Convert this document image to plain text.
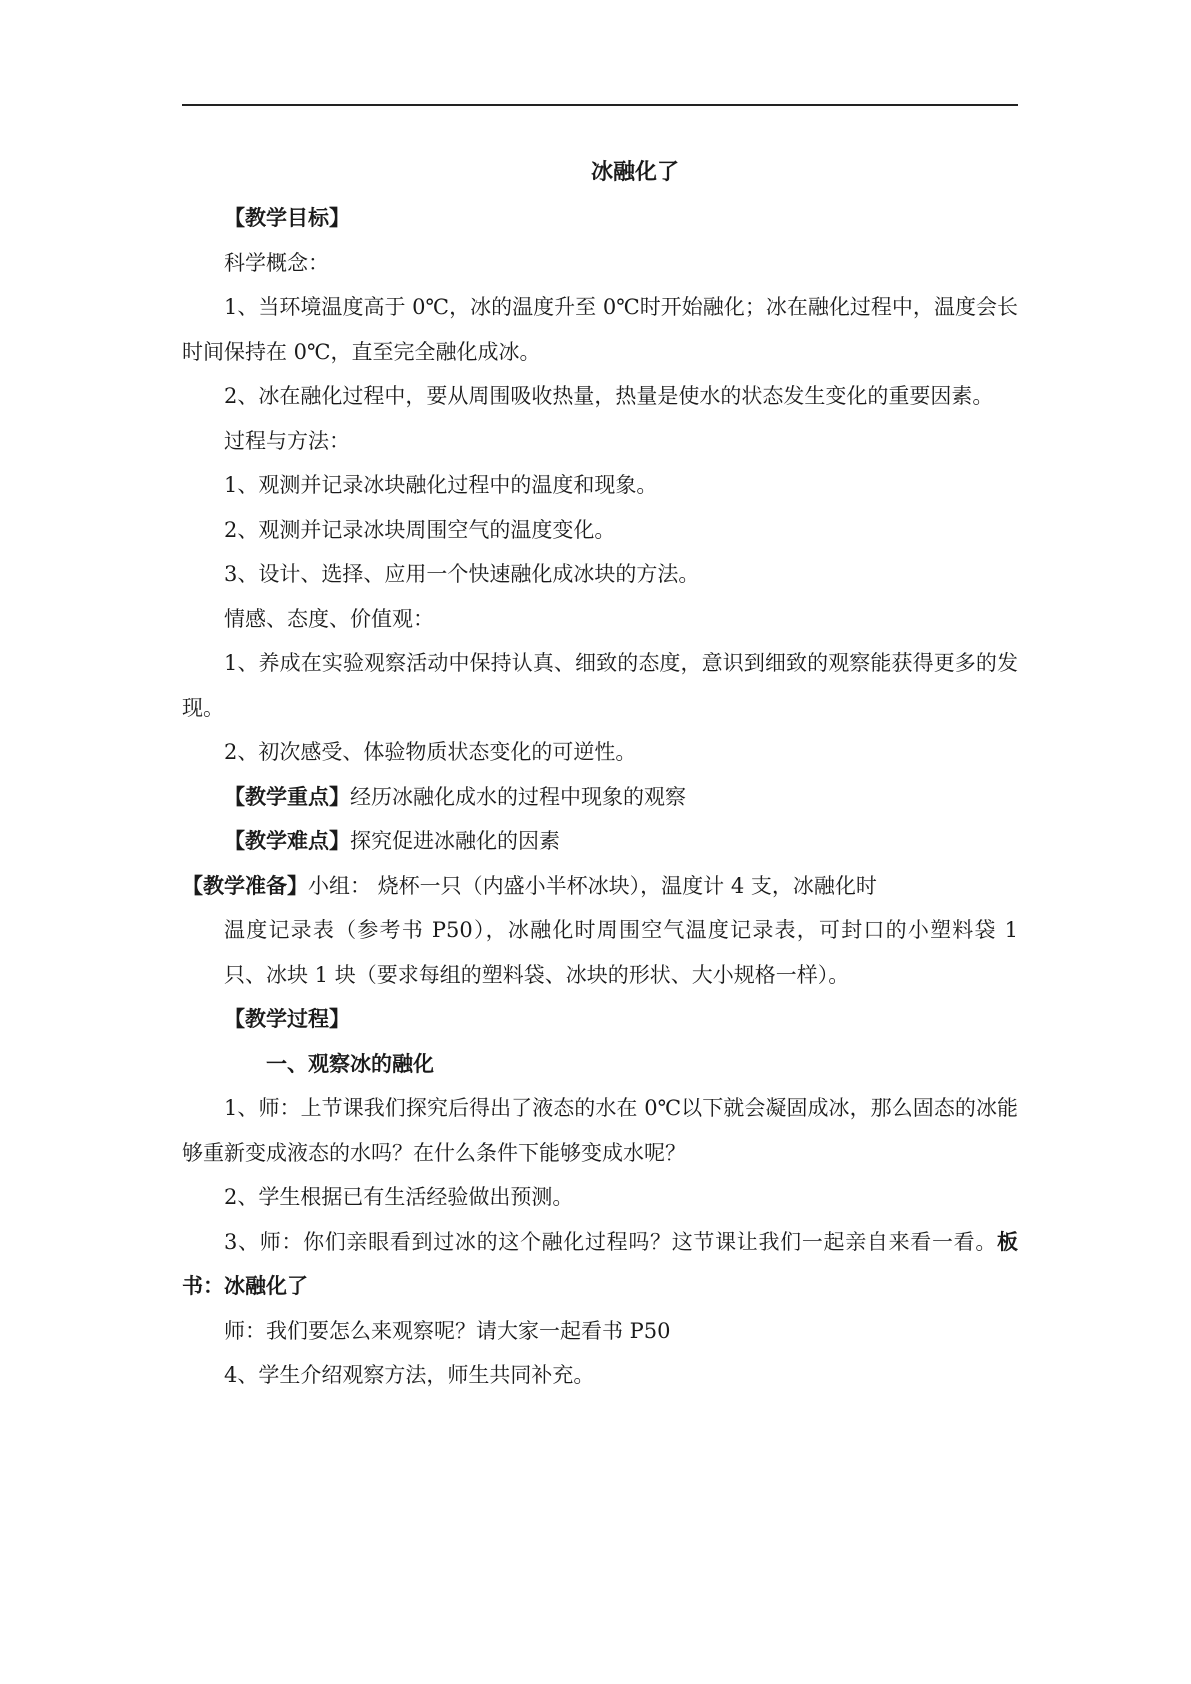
冰融化了

【教学目标】

科学概念：

1、当环境温度高于 0℃，冰的温度升至 0℃时开始融化；冰在融化过程中，温度会长时间保持在 0℃，直至完全融化成冰。

2、冰在融化过程中，要从周围吸收热量，热量是使水的状态发生变化的重要因素。

过程与方法：

1、观测并记录冰块融化过程中的温度和现象。

2、观测并记录冰块周围空气的温度变化。

3、设计、选择、应用一个快速融化成冰块的方法。

情感、态度、价值观：

1、养成在实验观察活动中保持认真、细致的态度，意识到细致的观察能获得更多的发现。

2、初次感受、体验物质状态变化的可逆性。

【教学重点】经历冰融化成水的过程中现象的观察

【教学难点】探究促进冰融化的因素

【教学准备】小组： 烧杯一只（内盛小半杯冰块），温度计 4 支，冰融化时

温度记录表（参考书 P50），冰融化时周围空气温度记录表，可封口的小塑料袋 1 只、冰块 1 块（要求每组的塑料袋、冰块的形状、大小规格一样）。

【教学过程】

一、观察冰的融化

1、师：上节课我们探究后得出了液态的水在 0℃以下就会凝固成冰，那么固态的冰能够重新变成液态的水吗？在什么条件下能够变成水呢？

2、学生根据已有生活经验做出预测。

3、师：你们亲眼看到过冰的这个融化过程吗？这节课让我们一起亲自来看一看。板书：冰融化了

师：我们要怎么来观察呢？请大家一起看书 P50

4、学生介绍观察方法，师生共同补充。
